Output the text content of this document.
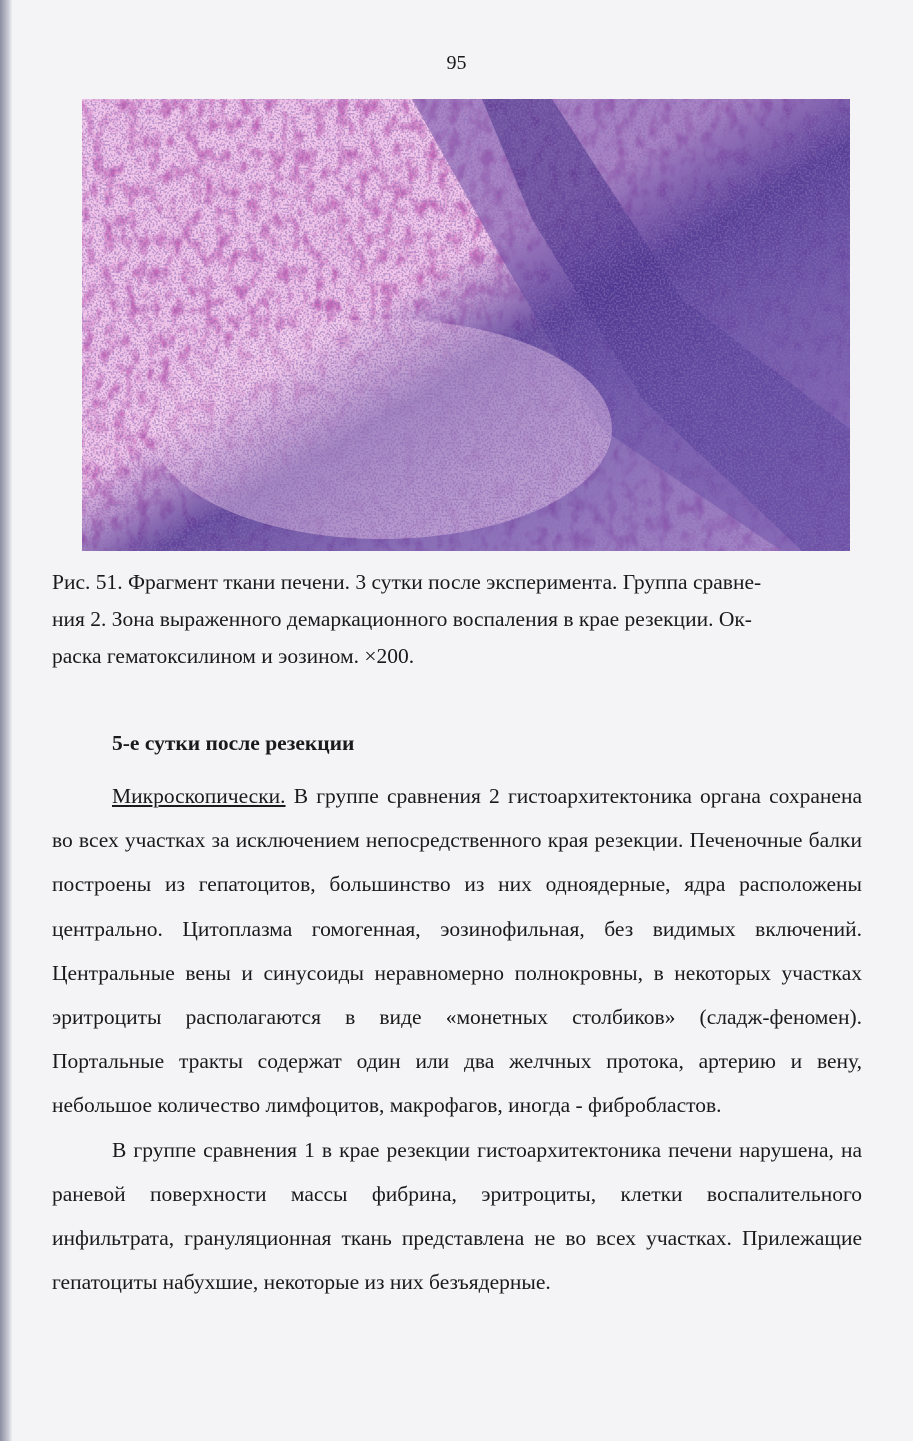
95

Рис. 51. Фрагмент ткани печени. 3 сутки после эксперимента. Группа сравне-

ния 2. Зона выраженного демаркационного воспаления в крае резекции. Ок-

раска гематоксилином и эозином. ×200.

5-е сутки после резекции

Микроскопически. В группе сравнения 2 гистоархитектоника органа сохранена во всех участках за исключением непосредственного края резекции. Печеночные балки построены из гепатоцитов, большинство из них одноядерные, ядра расположены центрально. Цитоплазма гомогенная, эозинофильная, без видимых включений. Центральные вены и синусоиды неравномерно полнокровны, в некоторых участках эритроциты располагаются в виде «монетных столбиков» (сладж-феномен). Портальные тракты содержат один или два желчных протока, артерию и вену, небольшое количество лимфоцитов, макрофагов, иногда - фибробластов.

В группе сравнения 1 в крае резекции гистоархитектоника печени нарушена, на раневой поверхности массы фибрина, эритроциты, клетки воспалительного инфильтрата, грануляционная ткань представлена не во всех участках. Прилежащие гепатоциты набухшие, некоторые из них безъядерные.
